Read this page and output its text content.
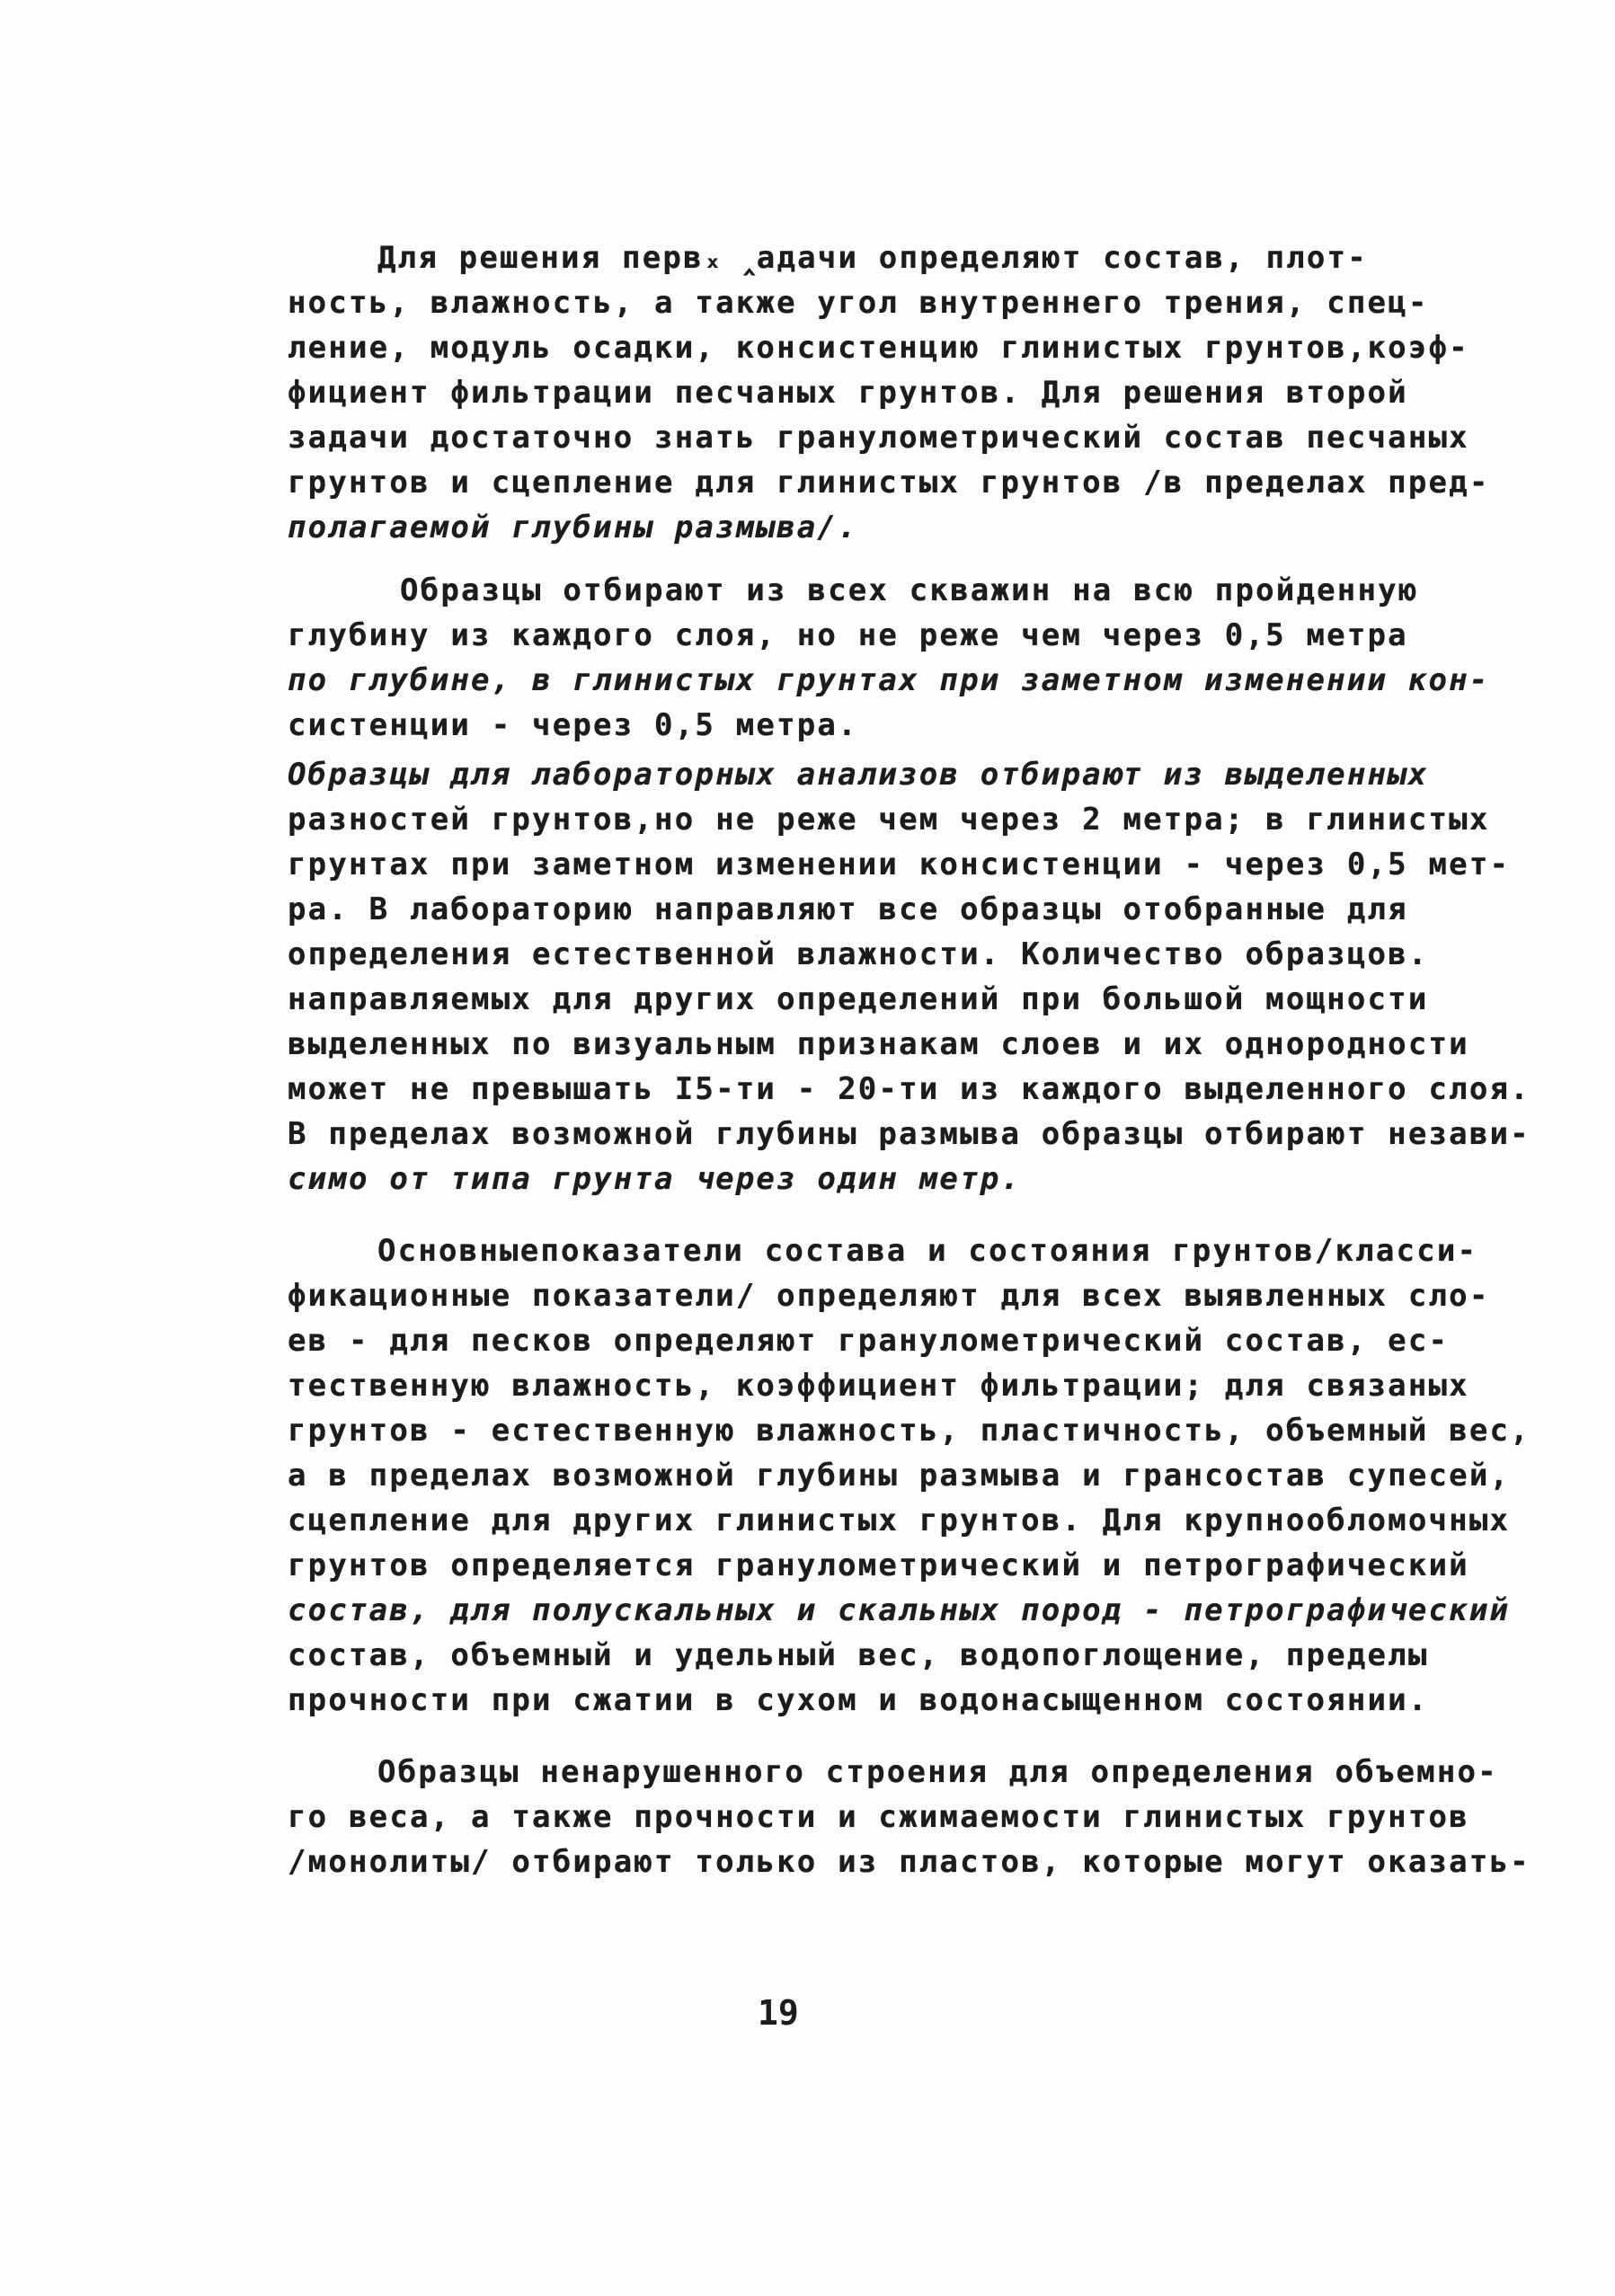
Для решения первₓ ‸адачи определяют состав, плот-
ность, влажность, а также угол внутреннего трения, спец-
ление, модуль осадки, консистенцию глинистых грунтов,коэф-
фициент фильтрации песчаных грунтов. Для решения второй
задачи достаточно знать гранулометрический состав песчаных
грунтов и сцепление для глинистых грунтов /в пределах пред-
полагаемой глубины размыва/.
Образцы отбирают из всех скважин на всю пройденную
глубину из каждого слоя, но не реже чем через 0,5 метра
по глубине, в глинистых грунтах при заметном изменении кон-
систенции - через 0,5 метра.
Образцы для лабораторных анализов отбирают из выделенных
разностей грунтов,но не реже чем через 2 метра; в глинистых
грунтах при заметном изменении консистенции - через 0,5 мет-
ра. В лабораторию направляют все образцы отобранные для
определения естественной влажности. Количество образцов.
направляемых для других определений при большой мощности
выделенных по визуальным признакам слоев и их однородности
может не превышать I5-ти - 20-ти из каждого выделенного слоя.
В пределах возможной глубины размыва образцы отбирают незави-
симо от типа грунта через один метр.
Основныепоказатели состава и состояния грунтов/класси-
фикационные показатели/ определяют для всех выявленных сло-
ев - для песков определяют гранулометрический состав, ес-
тественную влажность, коэффициент фильтрации; для связаных
грунтов - естественную влажность, пластичность, объемный вес,
а в пределах возможной глубины размыва и грансостав супесей,
сцепление для других глинистых грунтов. Для крупнообломочных
грунтов определяется гранулометрический и петрографический
состав, для полускальных и скальных пород - петрографический
состав, объемный и удельный вес, водопоглощение, пределы
прочности при сжатии в сухом и водонасыщенном состоянии.
Образцы ненарушенного строения для определения объемно-
го веса, а также прочности и сжимаемости глинистых грунтов
/монолиты/ отбирают только из пластов, которые могут оказать-
19
